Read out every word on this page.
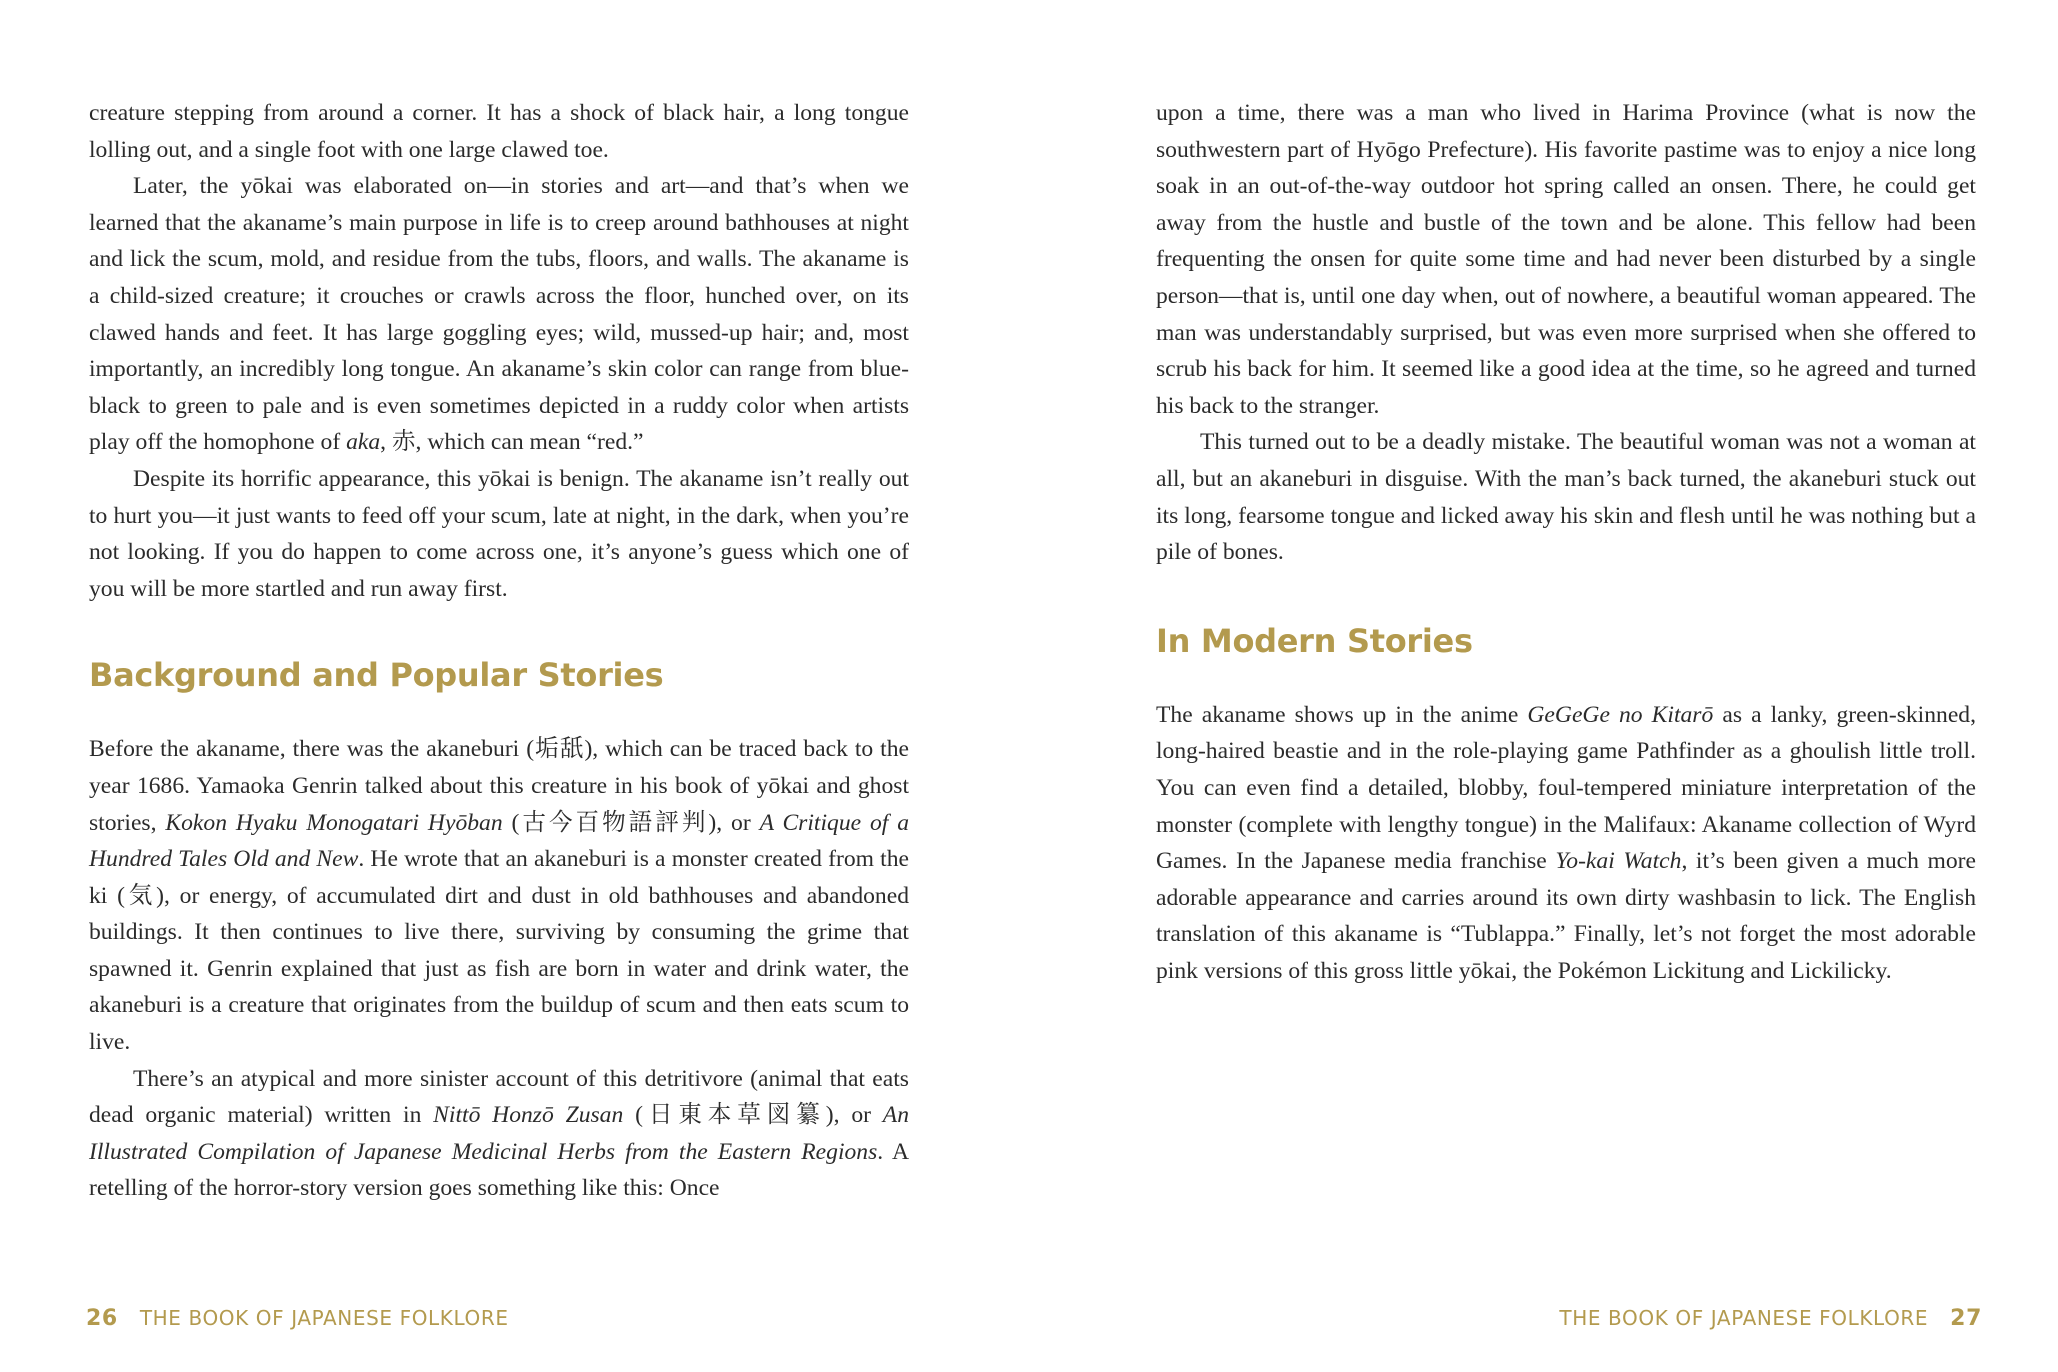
creature stepping from around a corner. It has a shock of black hair, a long tongue lolling out, and a single foot with one large clawed toe.

Later, the yōkai was elaborated on—in stories and art—and that’s when we learned that the akaname’s main purpose in life is to creep around bathhouses at night and lick the scum, mold, and residue from the tubs, floors, and walls. The akaname is a child-sized creature; it crouches or crawls across the floor, hunched over, on its clawed hands and feet. It has large goggling eyes; wild, mussed-up hair; and, most importantly, an incredibly long tongue. An akaname’s skin color can range from blue-black to green to pale and is even sometimes depicted in a ruddy color when artists play off the homophone of aka, 赤, which can mean “red.”

Despite its horrific appearance, this yōkai is benign. The akaname isn’t really out to hurt you—it just wants to feed off your scum, late at night, in the dark, when you’re not looking. If you do happen to come across one, it’s anyone’s guess which one of you will be more startled and run away first.

Background and Popular Stories

Before the akaname, there was the akaneburi (垢舐), which can be traced back to the year 1686. Yamaoka Genrin talked about this creature in his book of yōkai and ghost stories, Kokon Hyaku Monogatari Hyōban (古今百物語評判), or A Critique of a Hundred Tales Old and New. He wrote that an akaneburi is a monster created from the ki (気), or energy, of accumulated dirt and dust in old bathhouses and abandoned buildings. It then continues to live there, surviving by consuming the grime that spawned it. Genrin explained that just as fish are born in water and drink water, the akaneburi is a creature that originates from the buildup of scum and then eats scum to live.

There’s an atypical and more sinister account of this detritivore (animal that eats dead organic material) written in Nittō Honzō Zusan (日東本草図纂), or An Illustrated Compilation of Japanese Medicinal Herbs from the Eastern Regions. A retelling of the horror-story version goes something like this: Once

upon a time, there was a man who lived in Harima Province (what is now the southwestern part of Hyōgo Prefecture). His favorite pastime was to enjoy a nice long soak in an out-of-the-way outdoor hot spring called an onsen. There, he could get away from the hustle and bustle of the town and be alone. This fellow had been frequenting the onsen for quite some time and had never been disturbed by a single person—that is, until one day when, out of nowhere, a beautiful woman appeared. The man was understandably surprised, but was even more surprised when she offered to scrub his back for him. It seemed like a good idea at the time, so he agreed and turned his back to the stranger.

This turned out to be a deadly mistake. The beautiful woman was not a woman at all, but an akaneburi in disguise. With the man’s back turned, the akaneburi stuck out its long, fearsome tongue and licked away his skin and flesh until he was nothing but a pile of bones.

In Modern Stories

The akaname shows up in the anime GeGeGe no Kitarō as a lanky, green-skinned, long-haired beastie and in the role-playing game Pathfinder as a ghoulish little troll. You can even find a detailed, blobby, foul-tempered miniature interpretation of the monster (complete with lengthy tongue) in the Malifaux: Akaname collection of Wyrd Games. In the Japanese media franchise Yo-kai Watch, it’s been given a much more adorable appearance and carries around its own dirty washbasin to lick. The English translation of this akaname is “Tublappa.” Finally, let’s not forget the most adorable pink versions of this gross little yōkai, the Pokémon Lickitung and Lickilicky.

26 THE BOOK OF JAPANESE FOLKLORE	THE BOOK OF JAPANESE FOLKLORE 27
